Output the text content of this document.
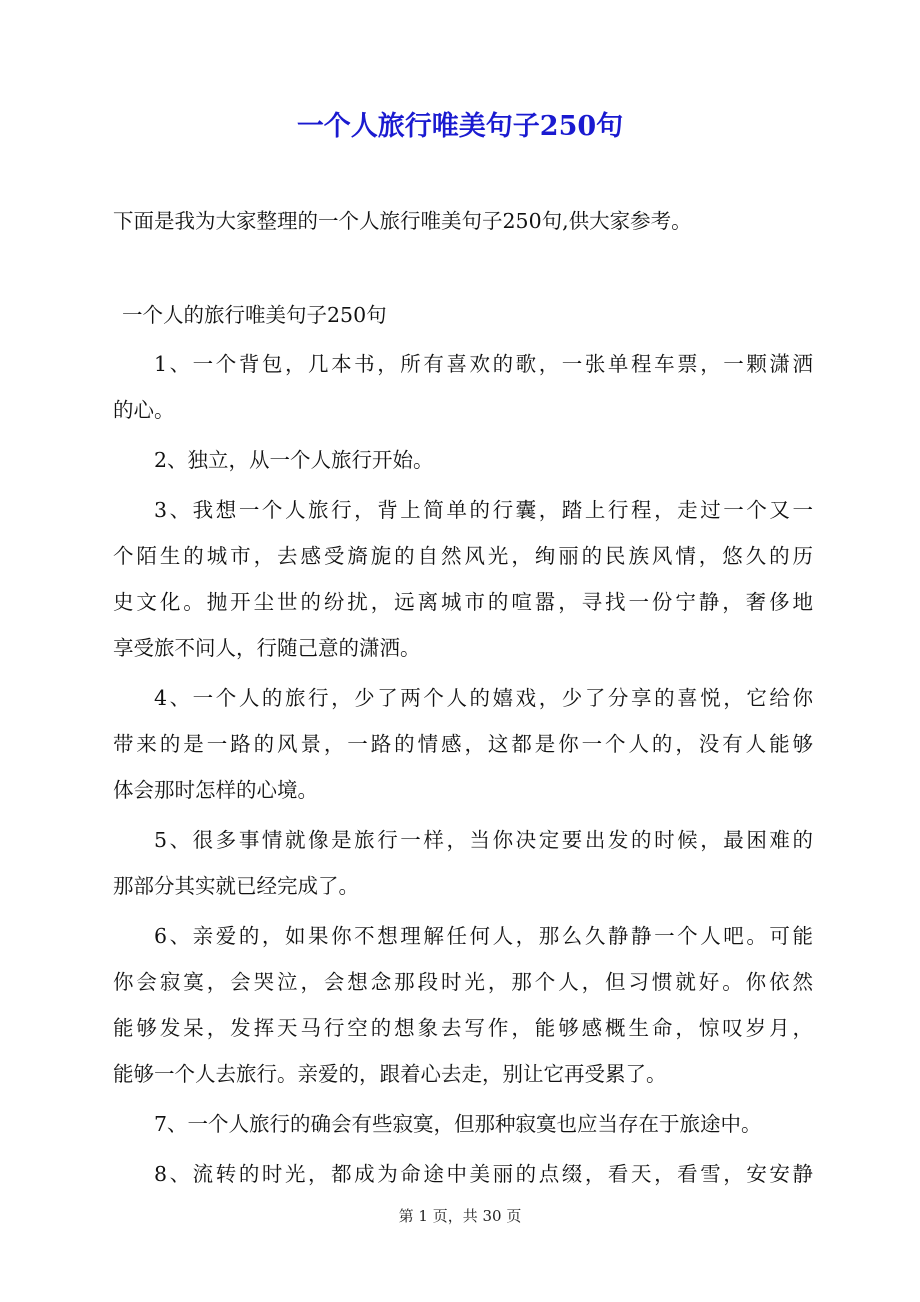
一个人旅行唯美句子250句
下面是我为大家整理的一个人旅行唯美句子250句,供大家参考。
一个人的旅行唯美句子250句
1、一个背包，几本书，所有喜欢的歌，一张单程车票，一颗潇洒
的心。
2、独立，从一个人旅行开始。
3、我想一个人旅行，背上简单的行囊，踏上行程，走过一个又一
个陌生的城市，去感受旖旎的自然风光，绚丽的民族风情，悠久的历
史文化。抛开尘世的纷扰，远离城市的喧嚣，寻找一份宁静，奢侈地
享受旅不问人，行随己意的潇洒。
4、一个人的旅行，少了两个人的嬉戏，少了分享的喜悦，它给你
带来的是一路的风景，一路的情感，这都是你一个人的，没有人能够
体会那时怎样的心境。
5、很多事情就像是旅行一样，当你决定要出发的时候，最困难的
那部分其实就已经完成了。
6、亲爱的，如果你不想理解任何人，那么久静静一个人吧。可能
你会寂寞，会哭泣，会想念那段时光，那个人，但习惯就好。你依然
能够发呆，发挥天马行空的想象去写作，能够感概生命，惊叹岁月，
能够一个人去旅行。亲爱的，跟着心去走，别让它再受累了。
7、一个人旅行的确会有些寂寞，但那种寂寞也应当存在于旅途中。
8、流转的时光，都成为命途中美丽的点缀，看天，看雪，安安静
第 1 页，共 30 页
